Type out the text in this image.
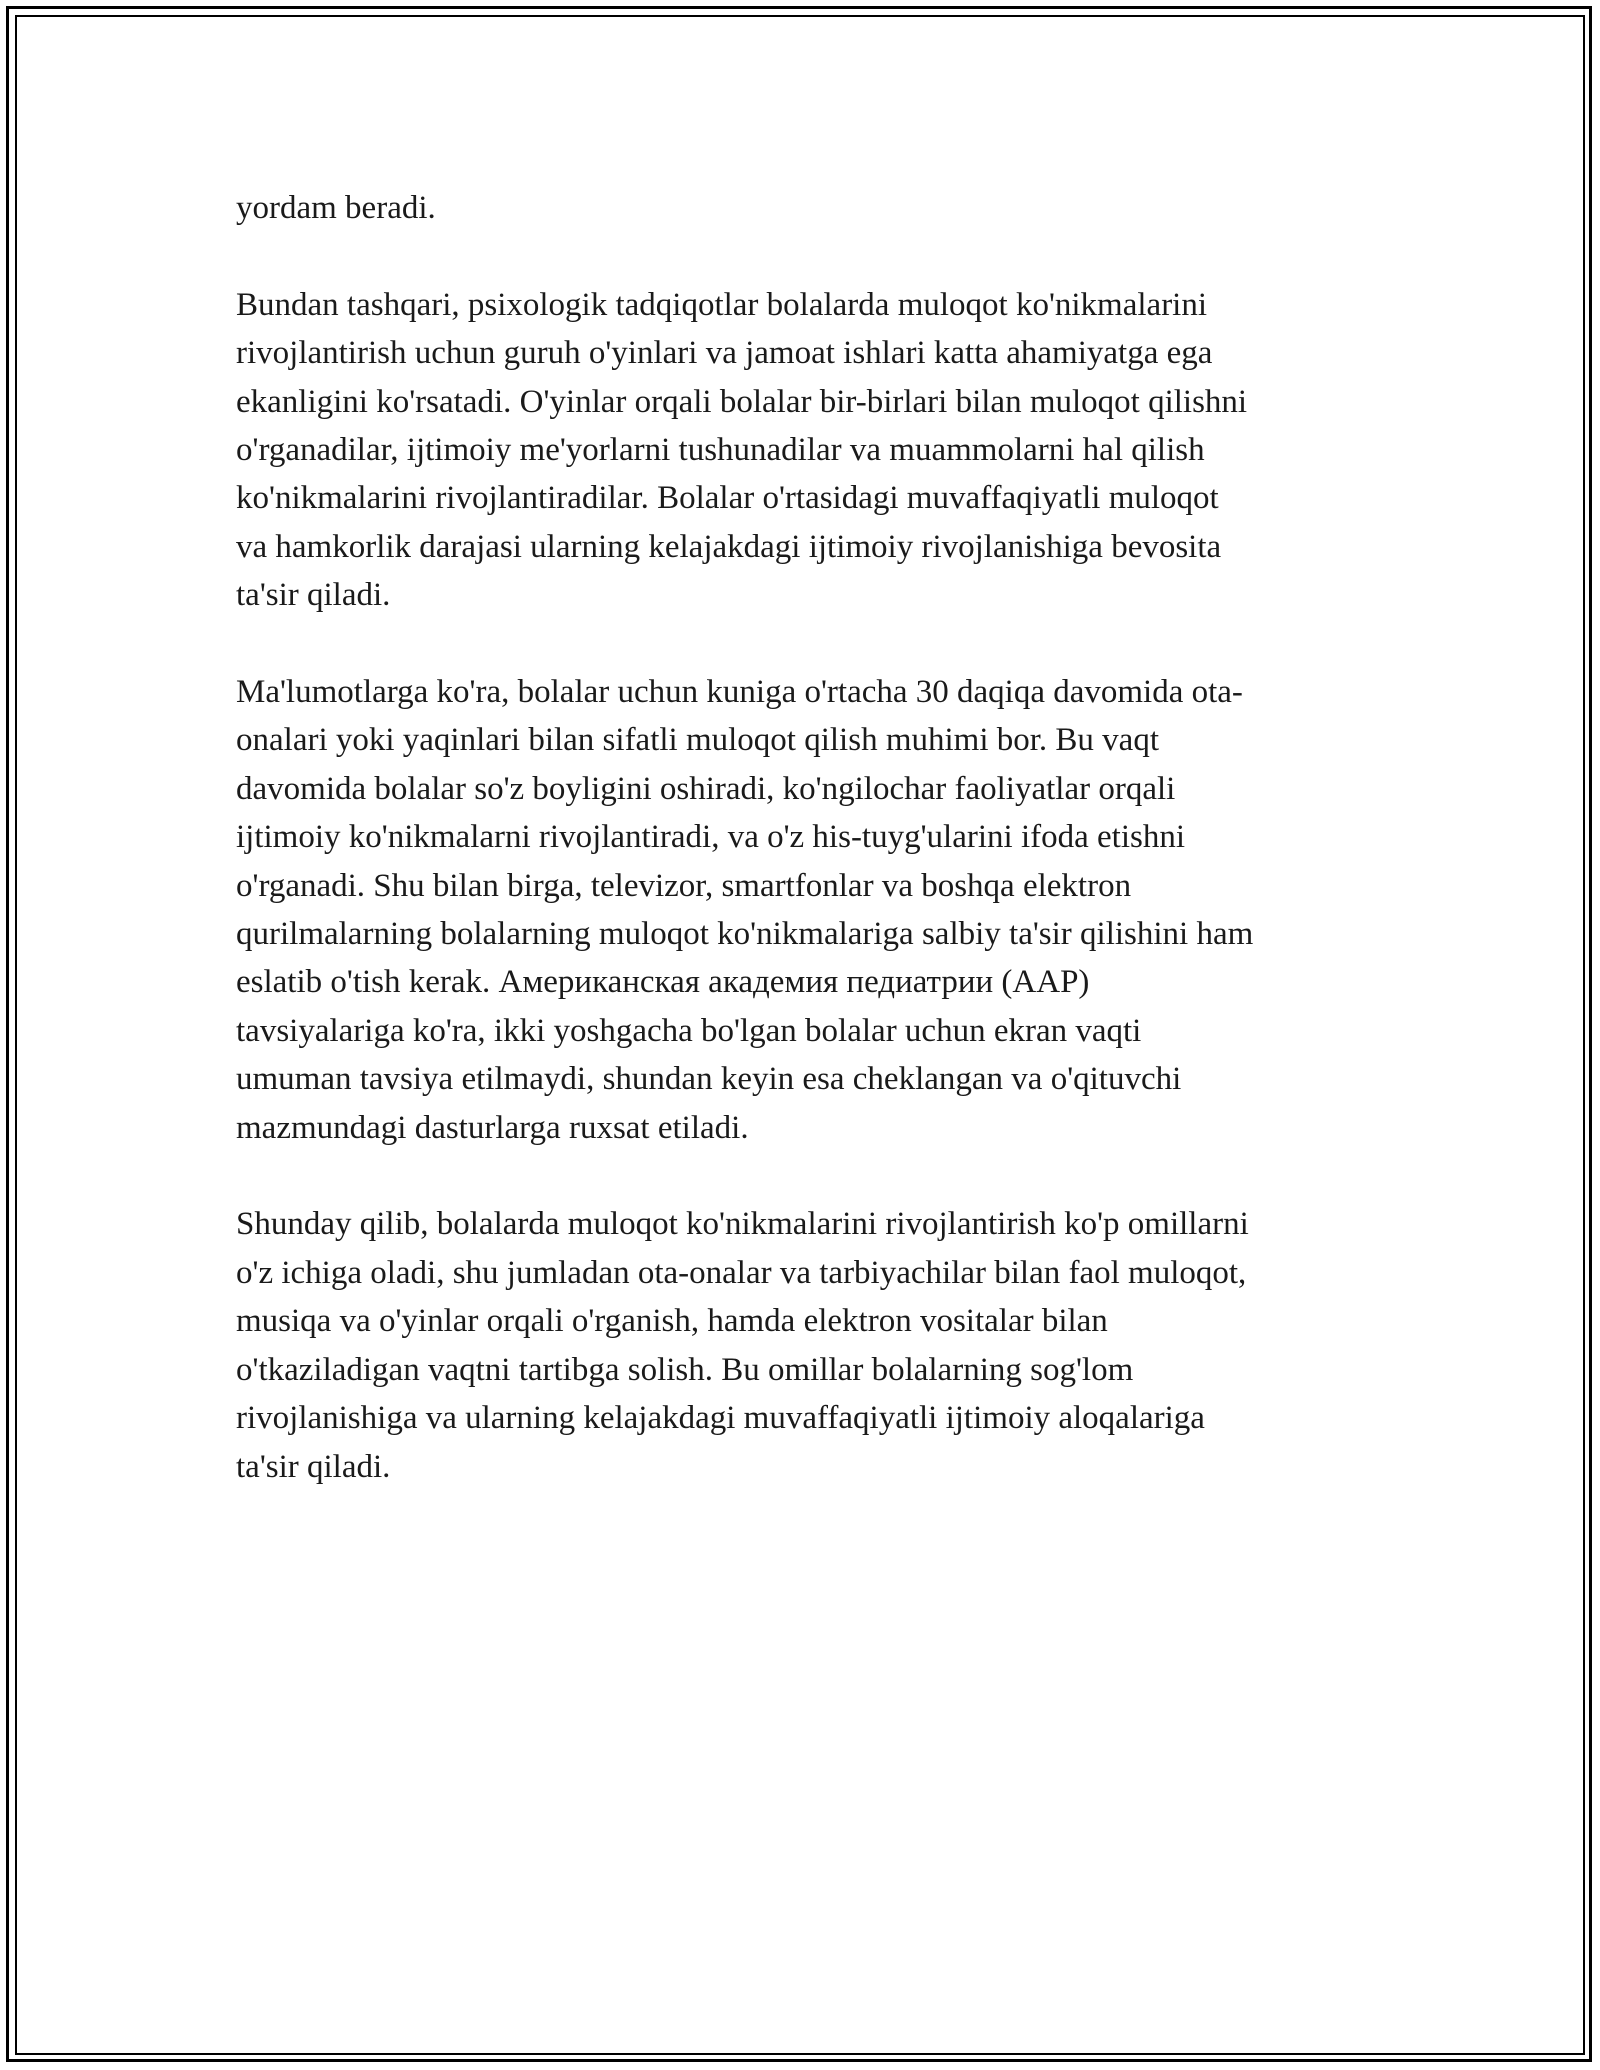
yordam beradi.

Bundan tashqari, psixologik tadqiqotlar bolalarda muloqot ko'nikmalarini
rivojlantirish uchun guruh o'yinlari va jamoat ishlari katta ahamiyatga ega
ekanligini ko'rsatadi. O'yinlar orqali bolalar bir-birlari bilan muloqot qilishni
o'rganadilar, ijtimoiy me'yorlarni tushunadilar va muammolarni hal qilish
ko'nikmalarini rivojlantiradilar. Bolalar o'rtasidagi muvaffaqiyatli muloqot
va hamkorlik darajasi ularning kelajakdagi ijtimoiy rivojlanishiga bevosita
ta'sir qiladi.

Ma'lumotlarga ko'ra, bolalar uchun kuniga o'rtacha 30 daqiqa davomida ota-
onalari yoki yaqinlari bilan sifatli muloqot qilish muhimi bor. Bu vaqt
davomida bolalar so'z boyligini oshiradi, ko'ngilochar faoliyatlar orqali
ijtimoiy ko'nikmalarni rivojlantiradi, va o'z his-tuyg'ularini ifoda etishni
o'rganadi. Shu bilan birga, televizor, smartfonlar va boshqa elektron
qurilmalarning bolalarning muloqot ko'nikmalariga salbiy ta'sir qilishini ham
eslatib o'tish kerak. Американская академия педиатрии (AAP)
tavsiyalariga ko'ra, ikki yoshgacha bo'lgan bolalar uchun ekran vaqti
umuman tavsiya etilmaydi, shundan keyin esa cheklangan va o'qituvchi
mazmundagi dasturlarga ruxsat etiladi.

Shunday qilib, bolalarda muloqot ko'nikmalarini rivojlantirish ko'p omillarni
o'z ichiga oladi, shu jumladan ota-onalar va tarbiyachilar bilan faol muloqot,
musiqa va o'yinlar orqali o'rganish, hamda elektron vositalar bilan
o'tkaziladigan vaqtni tartibga solish. Bu omillar bolalarning sog'lom
rivojlanishiga va ularning kelajakdagi muvaffaqiyatli ijtimoiy aloqalariga
ta'sir qiladi.
